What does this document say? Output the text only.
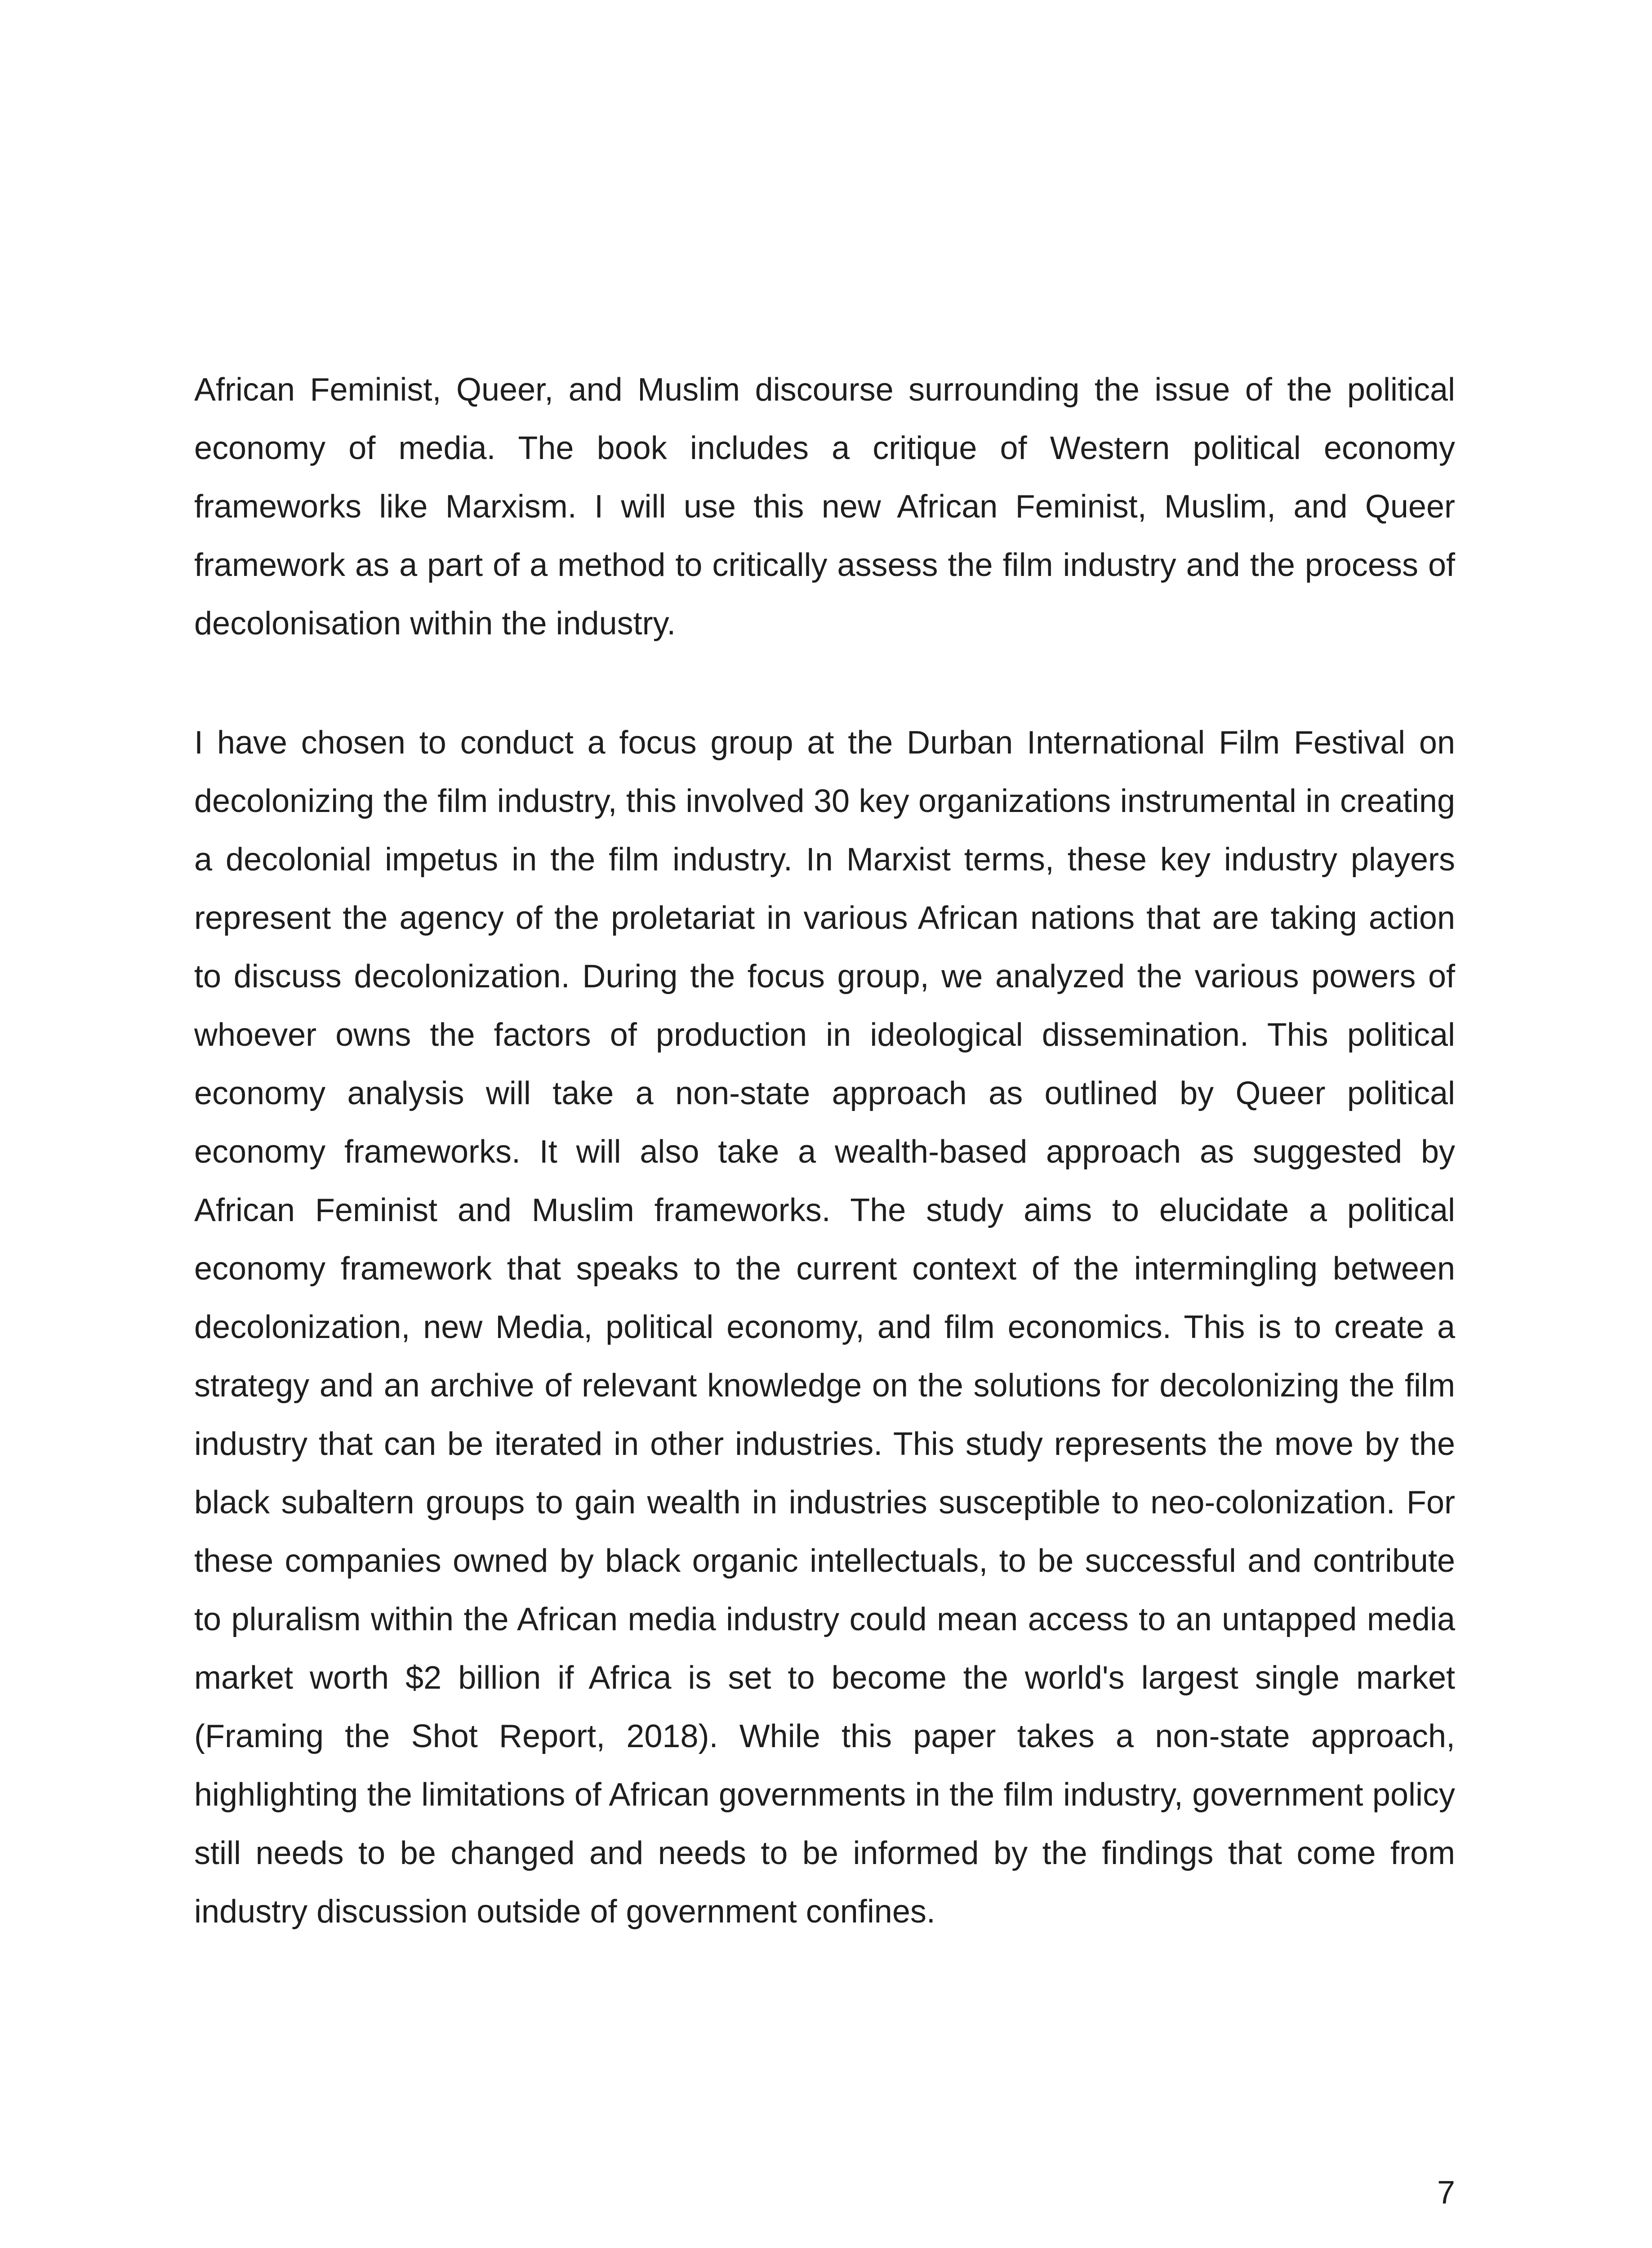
African Feminist, Queer, and Muslim discourse surrounding the issue of the political economy of media. The book includes a critique of Western political economy frameworks like Marxism. I will use this new African Feminist, Muslim, and Queer framework as a part of a method to critically assess the film industry and the process of decolonisation within the industry.

I have chosen to conduct a focus group at the Durban International Film Festival on decolonizing the film industry, this involved 30 key organizations instrumental in creating a decolonial impetus in the film industry. In Marxist terms, these key industry players represent the agency of the proletariat in various African nations that are taking action to discuss decolonization. During the focus group, we analyzed the various powers of whoever owns the factors of production in ideological dissemination. This political economy analysis will take a non-state approach as outlined by Queer political economy frameworks. It will also take a wealth-based approach as suggested by African Feminist and Muslim frameworks. The study aims to elucidate a political economy framework that speaks to the current context of the intermingling between decolonization, new Media, political economy, and film economics. This is to create a strategy and an archive of relevant knowledge on the solutions for decolonizing the film industry that can be iterated in other industries. This study represents the move by the black subaltern groups to gain wealth in industries susceptible to neo-colonization. For these companies owned by black organic intellectuals, to be successful and contribute to pluralism within the African media industry could mean access to an untapped media market worth $2 billion if Africa is set to become the world's largest single market (Framing the Shot Report, 2018). While this paper takes a non-state approach, highlighting the limitations of African governments in the film industry, government policy still needs to be changed and needs to be informed by the findings that come from industry discussion outside of government confines.

7
